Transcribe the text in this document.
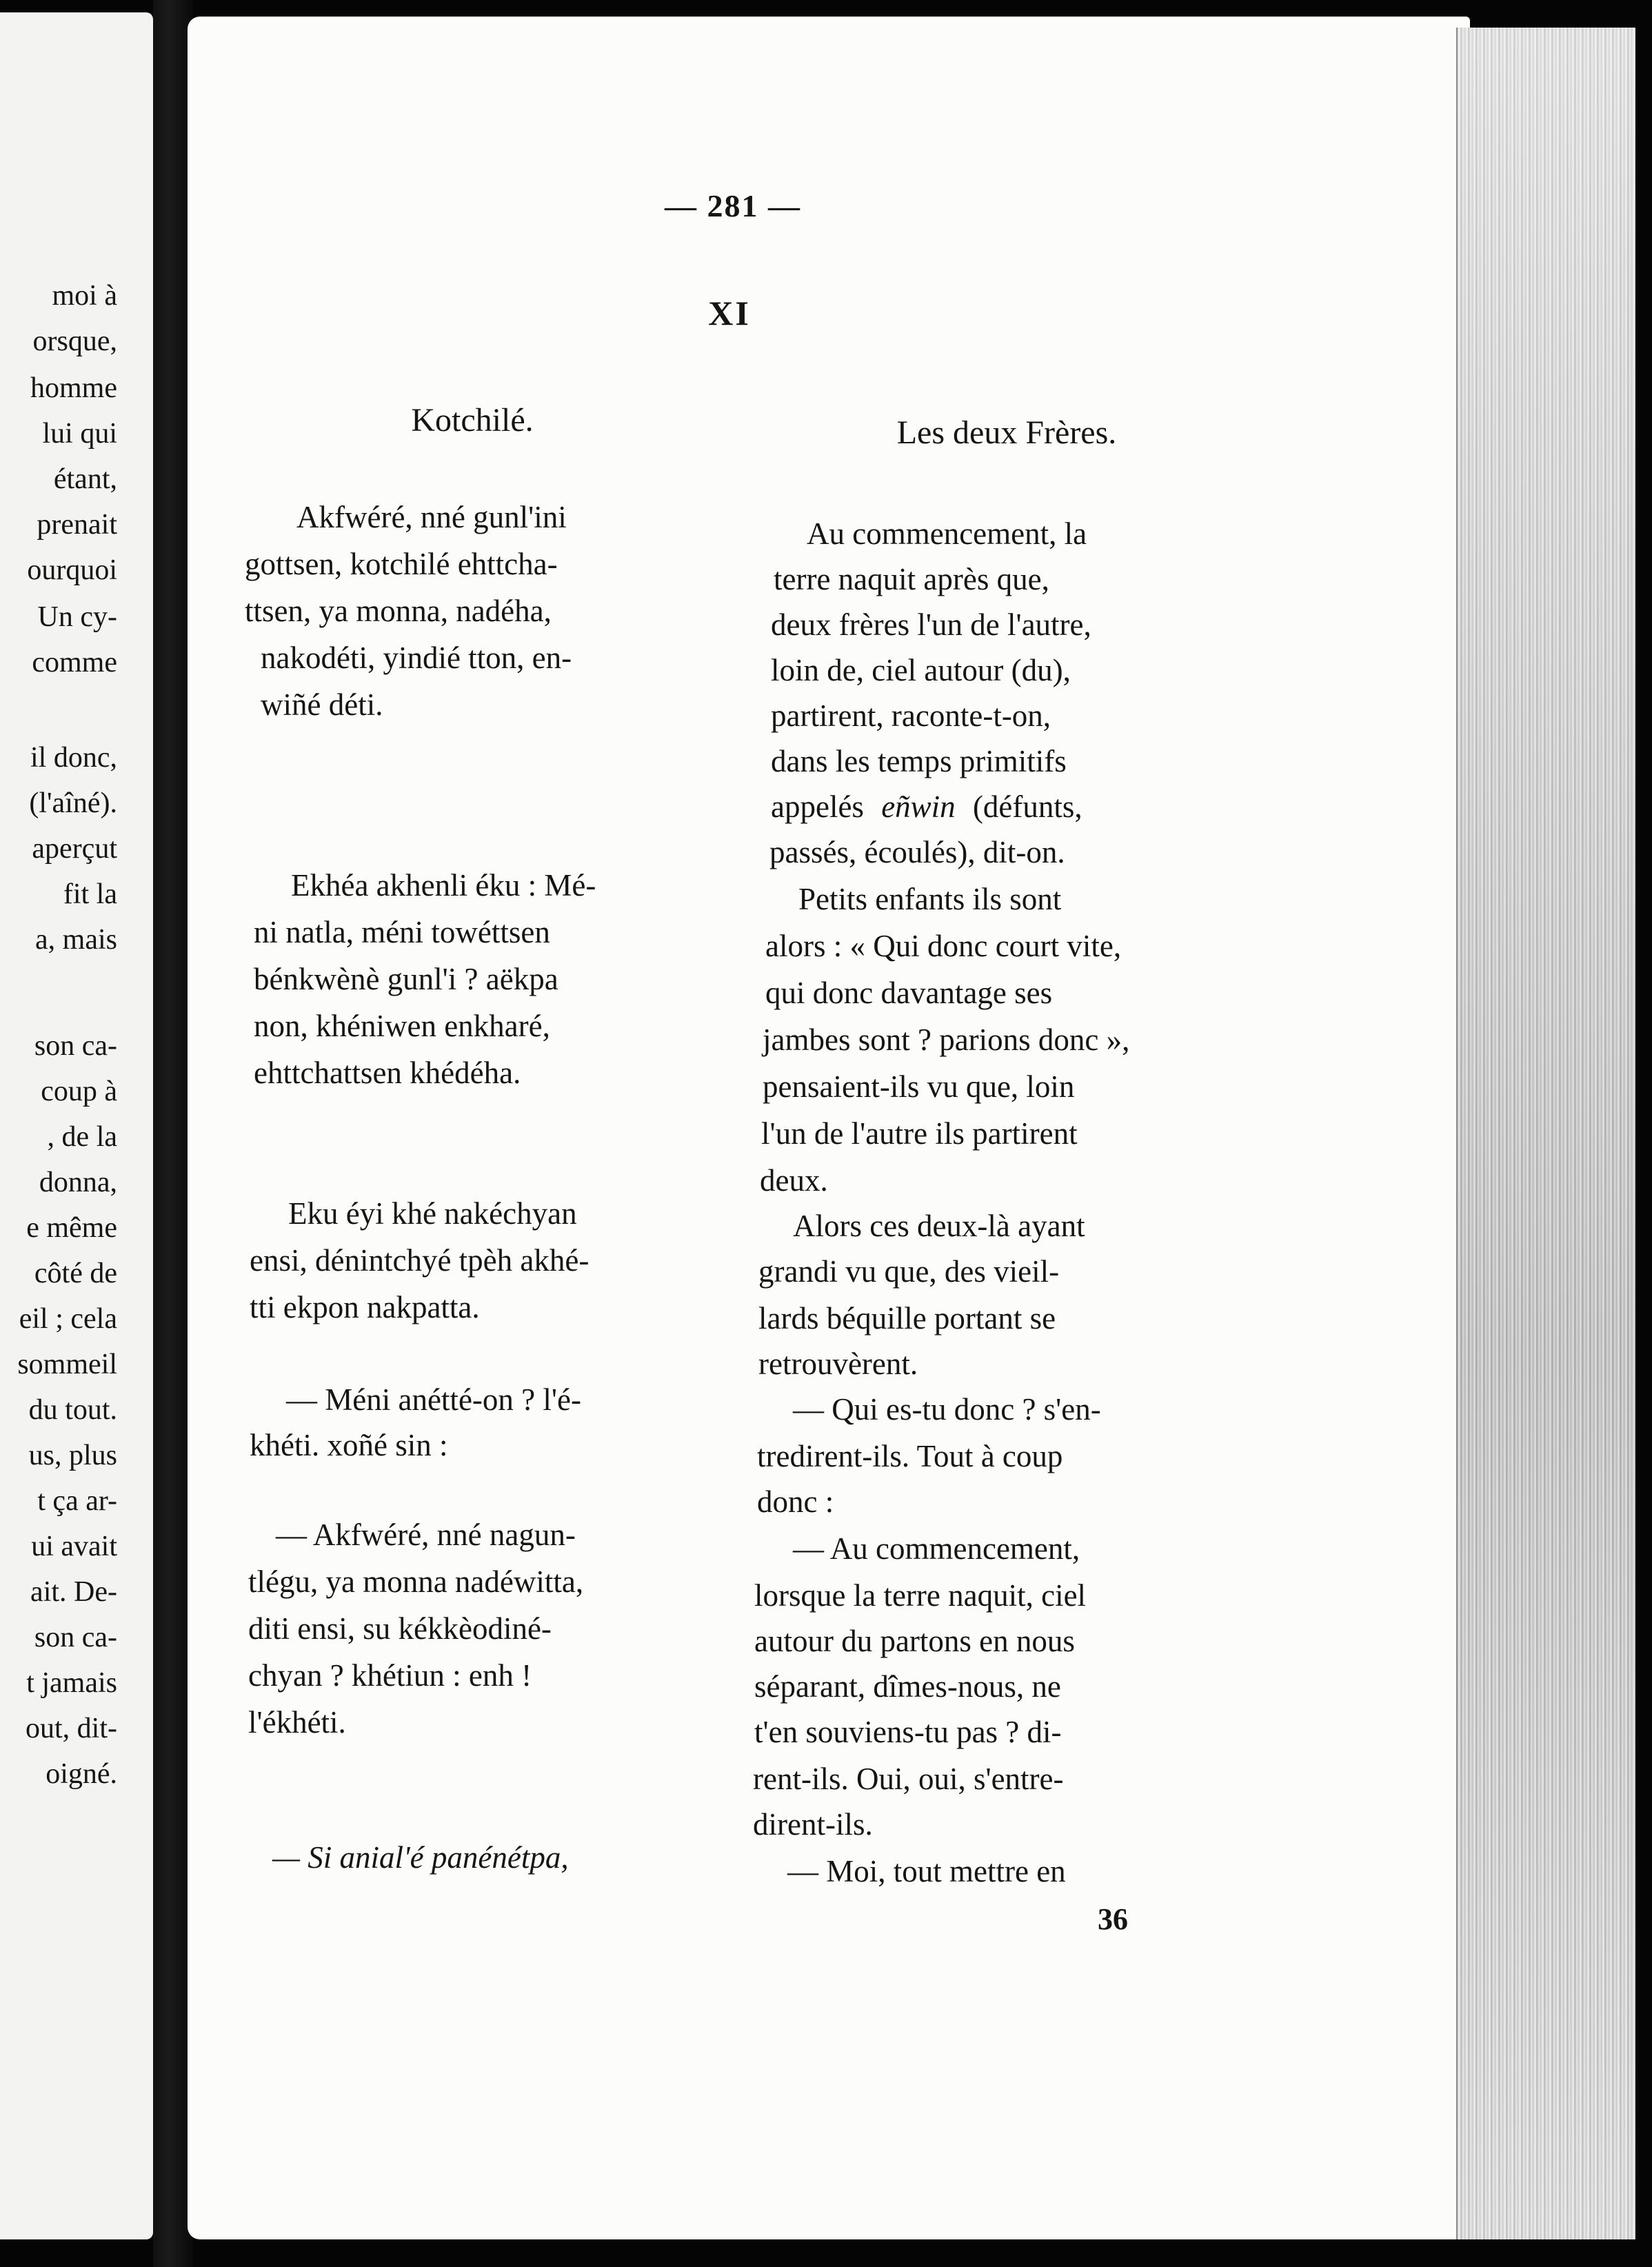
moi à
orsque,
homme
lui qui
étant,
prenait
ourquoi
Un cy-
comme
il donc,
(l'aîné).
aperçut
fit la
a, mais
son ca-
coup à
, de la
donna,
e même
côté de
eil ; cela
sommeil
du tout.
us, plus
t ça ar-
ui avait
ait. De-
son ca-
t jamais
out, dit-
oigné.
— 281 —
XI
Kotchilé.	Les deux Frères.
Akfwéré, nné gunl'ini
gottsen, kotchilé ehttcha-
ttsen, ya monna, nadéha,
nakodéti, yindié tton, en-
wiñé déti.
Ekhéa akhenli éku : Mé-
ni natla, méni towéttsen
bénkwènè gunl'i ? aëkpa
non, khéniwen enkharé,
ehttchattsen khédéha.
Eku éyi khé nakéchyan
ensi, dénintchyé tpèh akhé-
tti ekpon nakpatta.
— Méni anétté-on ? l'é-
khéti. xoñé sin :
— Akfwéré, nné nagun-
tlégu, ya monna nadéwitta,
diti ensi, su kékkèodiné-
chyan ? khétiun : enh !
l'ékhéti.
— Si anial'é panénétpa,
Au commencement, la
terre naquit après que,
deux frères l'un de l'autre,
loin de, ciel autour (du),
partirent, raconte-t-on,
dans les temps primitifs
appelés eñwin (défunts,
passés, écoulés), dit-on.
Petits enfants ils sont
alors : « Qui donc court vite,
qui donc davantage ses
jambes sont ? parions donc »,
pensaient-ils vu que, loin
l'un de l'autre ils partirent
deux.
Alors ces deux-là ayant
grandi vu que, des vieil-
lards béquille portant se
retrouvèrent.
— Qui es-tu donc ? s'en-
tredirent-ils. Tout à coup
donc :
— Au commencement,
lorsque la terre naquit, ciel
autour du partons en nous
séparant, dîmes-nous, ne
t'en souviens-tu pas ? di-
rent-ils. Oui, oui, s'entre-
dirent-ils.
— Moi, tout mettre en
36
